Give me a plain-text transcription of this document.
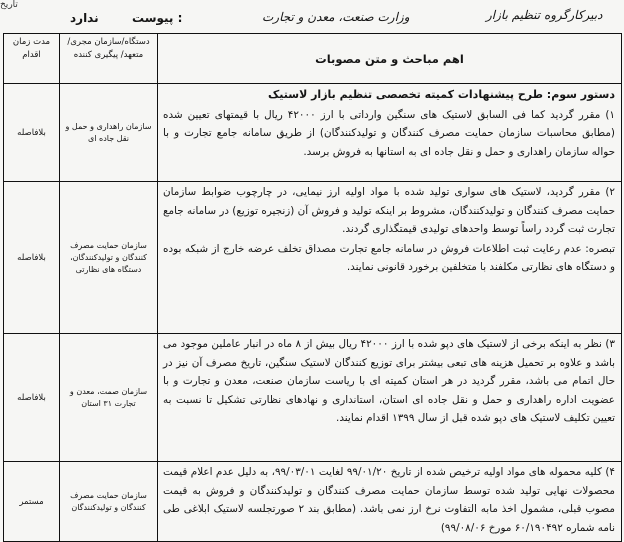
تاریخ
پیوست :
ندارد	وزارت صنعت، معدن و تجارت	دبیرکارگروه تنظیم بازار
اهم مباحث و متن مصوبات	دستگاه/سازمان مجری/متعهد/ پیگیری کننده	مدت زمان اقدام

دستور سوم: طرح پیشنهادات کمیته تخصصی تنظیم بازار لاستیک
۱) مقرر گردید کما فی السابق لاستیک های سنگین وارداتی با ارز ۴۲۰۰۰ ریال با قیمتهای تعیین شده (مطابق محاسبات سازمان حمایت مصرف کنندگان و تولیدکنندگان) از طریق سامانه جامع تجارت و با حواله سازمان راهداری و حمل و نقل جاده ای به استانها به فروش برسد.	سازمان راهداری و حمل و نقل جاده ای	بلافاصله

۲) مقرر گردید، لاستیک های سواری تولید شده با مواد اولیه ارز نیمایی، در چارچوب ضوابط سازمان حمایت مصرف کنندگان و تولیدکنندگان، مشروط بر اینکه تولید و فروش آن (زنجیره توزیع) در سامانه جامع تجارت ثبت گردد راساً توسط واحدهای تولیدی قیمتگذاری گردند.
تبصره: عدم رعایت ثبت اطلاعات فروش در سامانه جامع تجارت مصداق تخلف عرضه خارج از شبکه بوده و دستگاه های نظارتی مکلفند با متخلفین برخورد قانونی نمایند.	سازمان حمایت مصرف کنندگان و تولیدکنندگان، دستگاه های نظارتی	بلافاصله

۳) نظر به اینکه برخی از لاستیک های دپو شده با ارز ۴۲۰۰۰ ریال بیش از ۸ ماه در انبار عاملین موجود می باشد و علاوه بر تحمیل هزینه های تبعی بیشتر برای توزیع کنندگان لاستیک سنگین، تاریخ مصرف آن نیز در حال اتمام می باشد، مقرر گردید در هر استان کمیته ای با ریاست سازمان صنعت، معدن و تجارت و با عضویت اداره راهداری و حمل و نقل جاده ای استان، استانداری و نهادهای نظارتی تشکیل تا نسبت به تعیین تکلیف لاستیک های دپو شده قبل از سال ۱۳۹۹ اقدام نمایند.	سازمان صمت، معدن و تجارت ۳۱ استان	بلافاصله

۴) کلیه محموله های مواد اولیه ترخیص شده از تاریخ ۹۹/۰۱/۲۰ لغایت ۹۹/۰۳/۰۱، به دلیل عدم اعلام قیمت محصولات نهایی تولید شده توسط سازمان حمایت مصرف کنندگان و تولیدکنندگان و فروش به قیمت مصوب قبلی، مشمول اخذ مابه التفاوت نرخ ارز نمی باشد. (مطابق بند ۲ صورتجلسه لاستیک ابلاغی طی نامه شماره ۶۰/۱۹۰۴۹۲ مورخ ۹۹/۰۸/۰۶)	سازمان حمایت مصرف کنندگان و تولیدکنندگان	مستمر
